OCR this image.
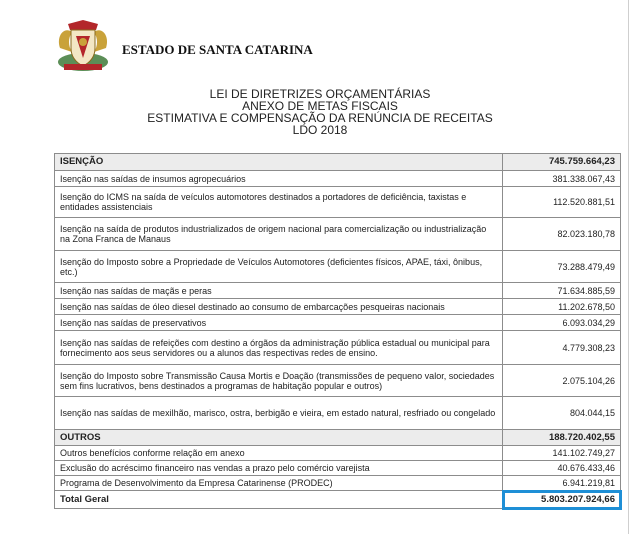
ESTADO DE SANTA CATARINA
LEI DE DIRETRIZES ORÇAMENTÁRIAS
ANEXO DE METAS FISCAIS
ESTIMATIVA E COMPENSAÇÃO DA RENÚNCIA DE RECEITAS
LDO 2018
ISENÇÃO	745.759.664,23
Isenção nas saídas de insumos agropecuários	381.338.067,43
Isenção do ICMS na saída de veículos automotores destinados a portadores de deficiência, taxistas e entidades assistenciais	112.520.881,51
Isenção na saída de produtos industrializados de origem nacional para comercialização ou industrialização na Zona Franca de Manaus	82.023.180,78
Isenção do Imposto sobre a Propriedade de Veículos Automotores (deficientes físicos, APAE, táxi, ônibus, etc.)	73.288.479,49
Isenção nas saídas de maçãs e peras	71.634.885,59
Isenção nas saídas de óleo diesel destinado ao consumo de embarcações pesqueiras nacionais	11.202.678,50
Isenção nas saídas de preservativos	6.093.034,29
Isenção nas saídas de refeições com destino a órgãos da administração pública estadual ou municipal para fornecimento aos seus servidores ou a alunos das respectivas redes de ensino.	4.779.308,23
Isenção do Imposto sobre Transmissão Causa Mortis e Doação (transmissões de pequeno valor, sociedades sem fins lucrativos, bens destinados a programas de habitação popular e outros)	2.075.104,26
Isenção nas saídas de mexilhão, marisco, ostra, berbigão e vieira, em estado natural, resfriado ou congelado	804.044,15
OUTROS	188.720.402,55
Outros benefícios conforme relação em anexo	141.102.749,27
Exclusão do acréscimo financeiro nas vendas a prazo pelo comércio varejista	40.676.433,46
Programa de Desenvolvimento da Empresa Catarinense (PRODEC)	6.941.219,81
Total Geral	5.803.207.924,66
